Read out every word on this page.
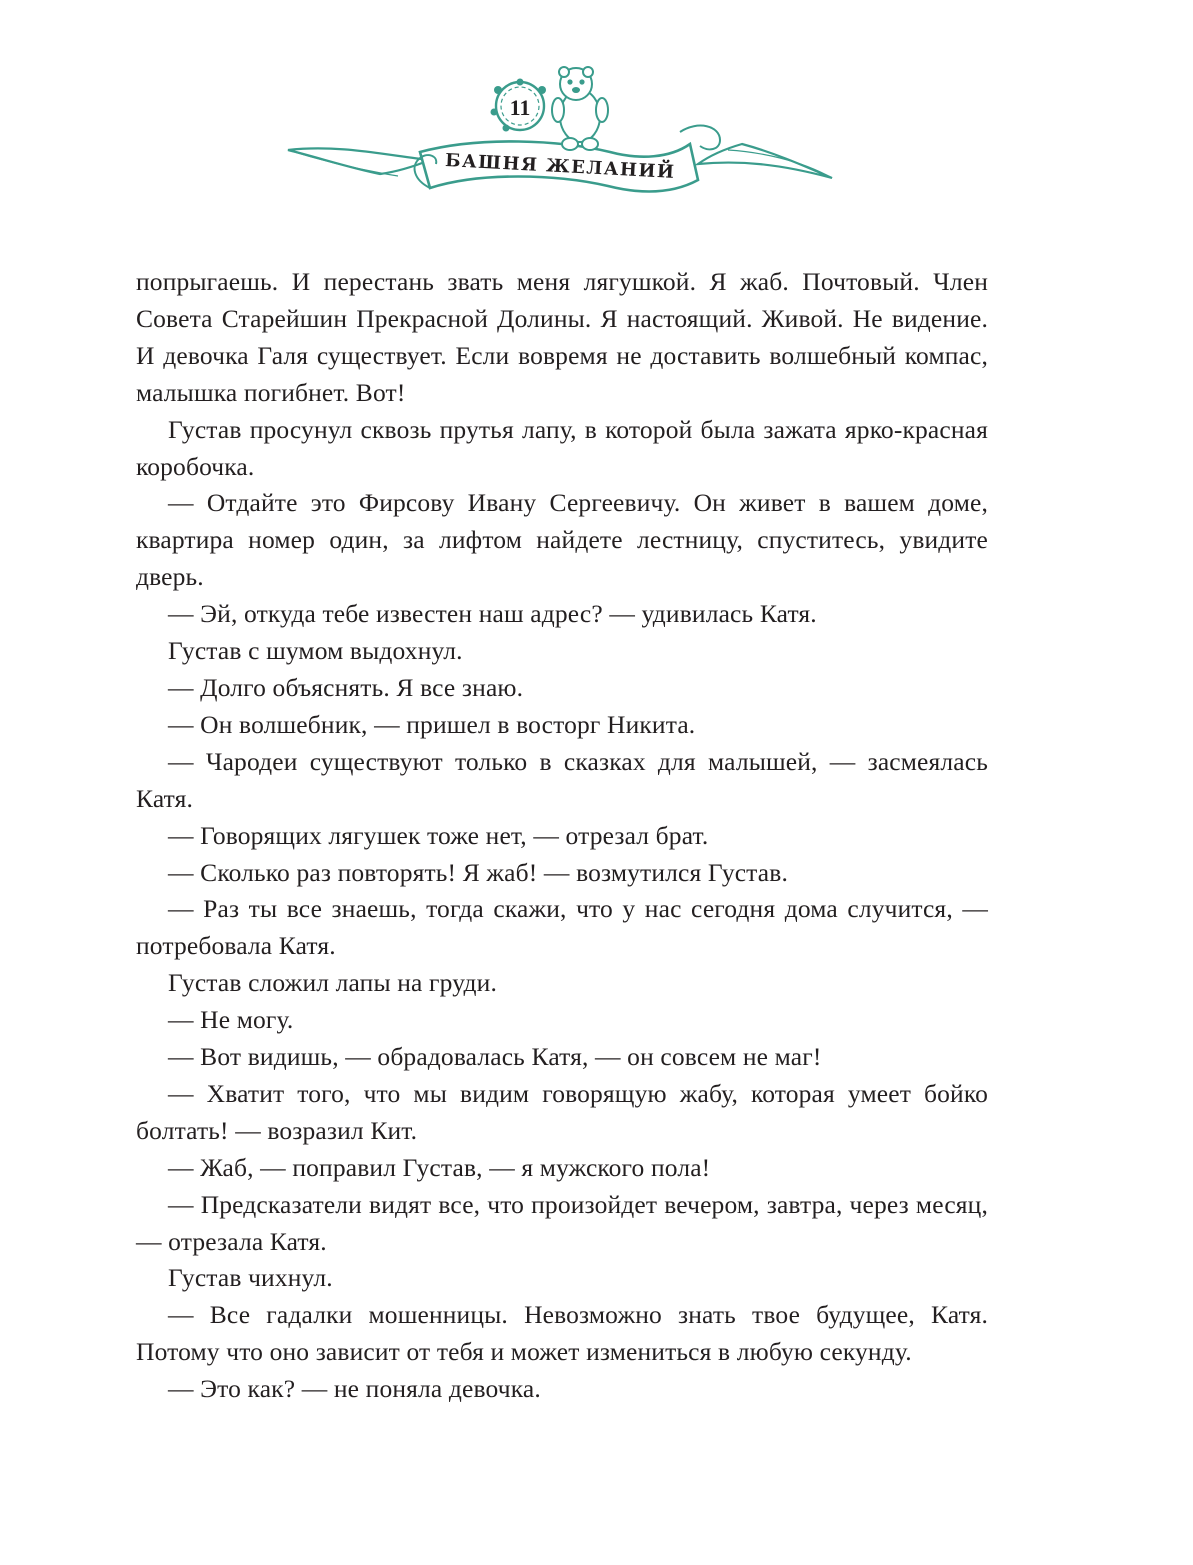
11
БАШНЯ ЖЕЛАНИЙ

попрыгаешь. И перестань звать меня лягушкой. Я жаб. Почтовый. Член Совета Старейшин Прекрасной Долины. Я настоящий. Живой. Не видение. И девочка Галя существует. Если вовремя не доставить волшебный компас, малышка погибнет. Вот!

Густав просунул сквозь прутья лапу, в которой была зажата ярко-красная коробочка.

— Отдайте это Фирсову Ивану Сергеевичу. Он живет в вашем доме, квартира номер один, за лифтом найдете лестницу, спуститесь, увидите дверь.

— Эй, откуда тебе известен наш адрес? — удивилась Катя.

Густав с шумом выдохнул.

— Долго объяснять. Я все знаю.

— Он волшебник, — пришел в восторг Никита.

— Чародеи существуют только в сказках для малышей, — засмеялась Катя.

— Говорящих лягушек тоже нет, — отрезал брат.

— Сколько раз повторять! Я жаб! — возмутился Густав.

— Раз ты все знаешь, тогда скажи, что у нас сегодня дома случится, — потребовала Катя.

Густав сложил лапы на груди.

— Не могу.

— Вот видишь, — обрадовалась Катя, — он совсем не маг!

— Хватит того, что мы видим говорящую жабу, которая умеет бойко болтать! — возразил Кит.

— Жаб, — поправил Густав, — я мужского пола!

— Предсказатели видят все, что произойдет вечером, завтра, через месяц, — отрезала Катя.

Густав чихнул.

— Все гадалки мошенницы. Невозможно знать твое будущее, Катя. Потому что оно зависит от тебя и может измениться в любую секунду.

— Это как? — не поняла девочка.
